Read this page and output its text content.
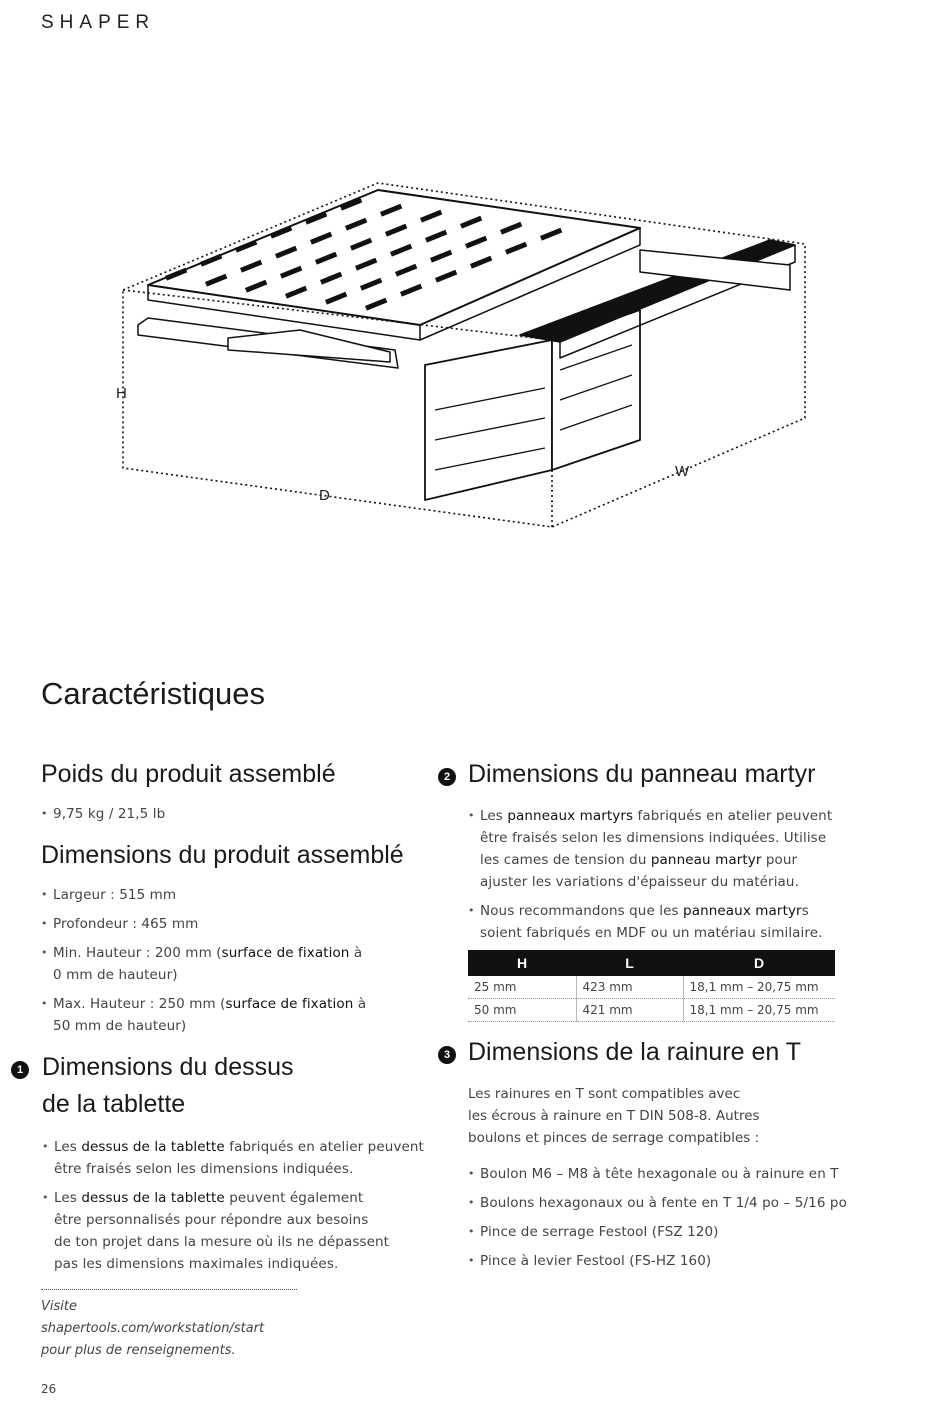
SHAPER
H
D
W
Caractéristiques
Poids du produit assemblé
• 9,75 kg / 21,5 lb
Dimensions du produit assemblé
• Largeur : 515 mm
• Profondeur : 465 mm
• Min. Hauteur : 200 mm (surface de fixation à
0 mm de hauteur)
• Max. Hauteur : 250 mm (surface de fixation à
50 mm de hauteur)
1 Dimensions du dessus
de la tablette
• Les dessus de la tablette fabriqués en atelier peuvent
être fraisés selon les dimensions indiquées.
• Les dessus de la tablette peuvent également
être personnalisés pour répondre aux besoins
de ton projet dans la mesure où ils ne dépassent
pas les dimensions maximales indiquées.
Visite shapertools.com/workstation/start
pour plus de renseignements.
2 Dimensions du panneau martyr
• Les panneaux martyrs fabriqués en atelier peuvent
être fraisés selon les dimensions indiquées. Utilise
les cames de tension du panneau martyr pour
ajuster les variations d'épaisseur du matériau.
• Nous recommandons que les panneaux martyrs
soient fabriqués en MDF ou un matériau similaire.
H	L	D
25 mm	423 mm	18,1 mm – 20,75 mm
50 mm	421 mm	18,1 mm – 20,75 mm
3 Dimensions de la rainure en T

Les rainures en T sont compatibles avec
les écrous à rainure en T DIN 508-8. Autres
boulons et pinces de serrage compatibles :

• Boulon M6 – M8 à tête hexagonale ou à rainure en T
• Boulons hexagonaux ou à fente en T 1/4 po – 5/16 po
• Pince de serrage Festool (FSZ 120)
• Pince à levier Festool (FS-HZ 160)
26
